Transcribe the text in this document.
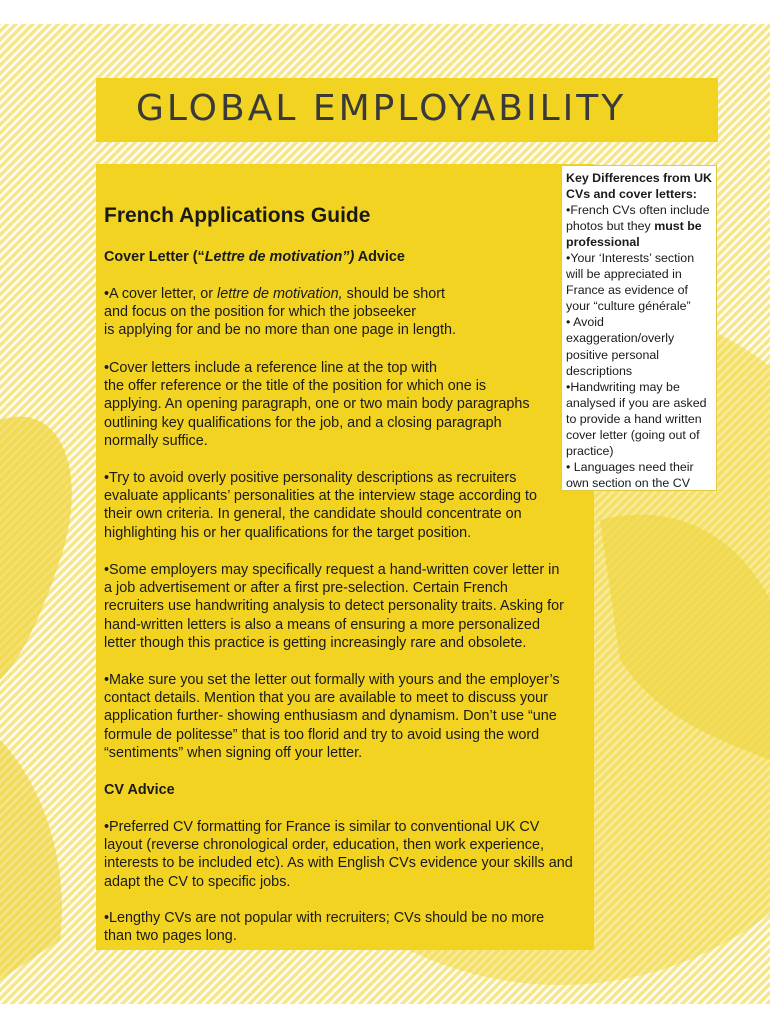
GLOBAL EMPLOYABILITY
French Applications Guide
Cover Letter (“Lettre de motivation”) Advice

•A cover letter, or lettre de motivation, should be short

and focus on the position for which the jobseeker

is applying for and be no more than one page in length.

•Cover letters include a reference line at the top with

the offer reference or the title of the position for which one is

applying. An opening paragraph, one or two main body paragraphs

outlining key qualifications for the job, and a closing paragraph

normally suffice.

•Try to avoid overly positive personality descriptions as recruiters

evaluate applicants’ personalities at the interview stage according to

their own criteria. In general, the candidate should concentrate on

highlighting his or her qualifications for the target position.

•Some employers may specifically request a hand-written cover letter in

a job advertisement or after a first pre-selection. Certain French

recruiters use handwriting analysis to detect personality traits. Asking for

hand-written letters is also a means of ensuring a more personalized

letter though this practice is getting increasingly rare and obsolete.

•Make sure you set the letter out formally with yours and the employer’s

contact details. Mention that you are available to meet to discuss your

application further- showing enthusiasm and dynamism. Don’t use “une

formule de politesse” that is too florid and try to avoid using the word

“sentiments” when signing off your letter.

CV Advice

•Preferred CV formatting for France is similar to conventional UK CV

layout (reverse chronological order, education, then work experience,

interests to be included etc). As with English CVs evidence your skills and

adapt the CV to specific jobs.

•Lengthy CVs are not popular with recruiters; CVs should be no more

than two pages long.

Key Differences from UK CVs and cover letters:

•French CVs often include photos but they must be professional

•Your ‘Interests’ section will be appreciated in France as evidence of your “culture générale”

• Avoid exaggeration/overly positive personal descriptions

•Handwriting may be analysed if you are asked to provide a hand written cover letter (going out of practice)

• Languages need their own section on the CV
